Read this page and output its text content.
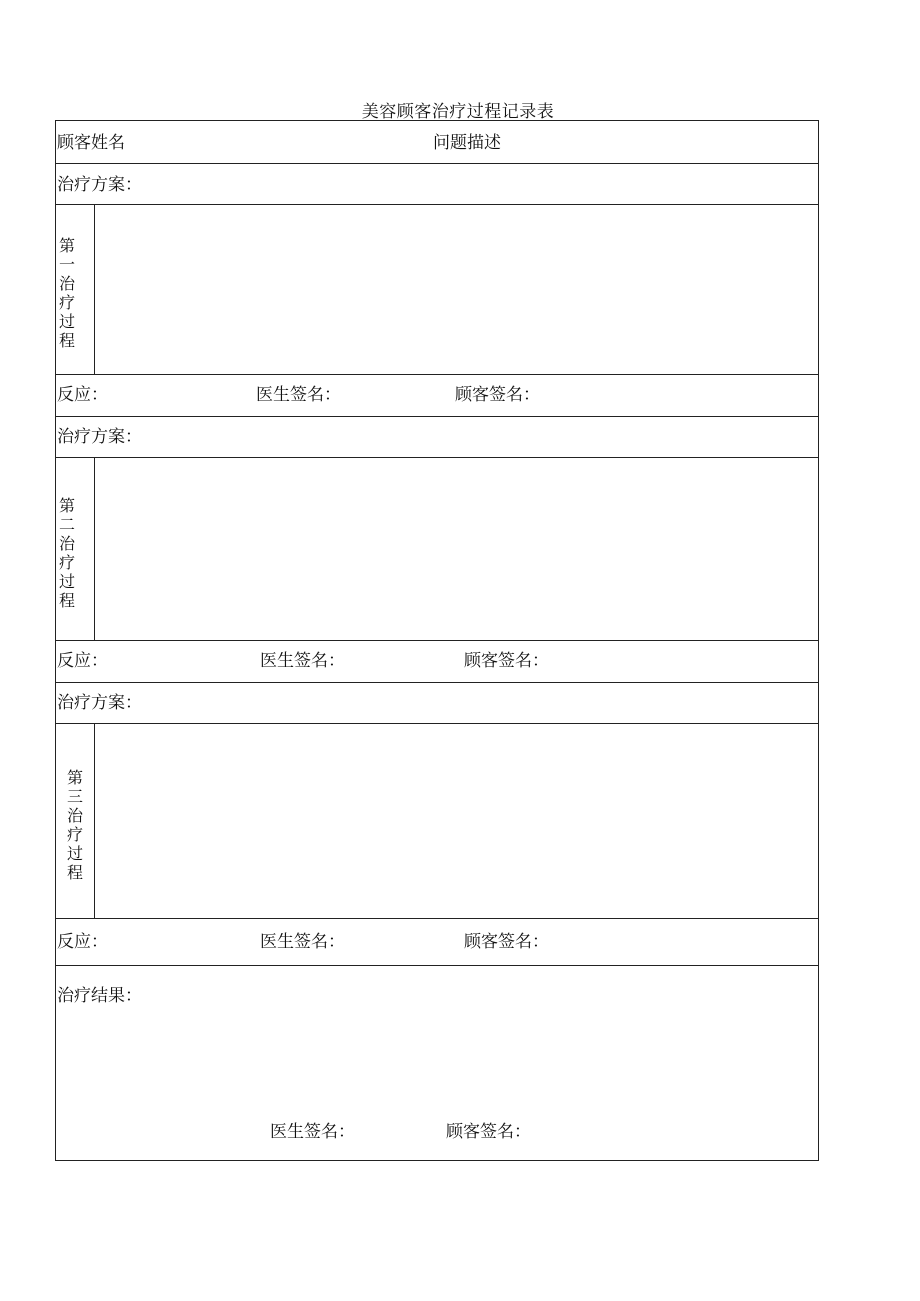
美容顾客治疗过程记录表
顾客姓名	问题描述
治疗方案：
第一治疗过程
反应：	医生签名：	顾客签名：
治疗方案：
第二治疗过程
反应：	医生签名：	顾客签名：
治疗方案：
第三治疗过程
反应：	医生签名：	顾客签名：
治疗结果：
医生签名：	顾客签名：
